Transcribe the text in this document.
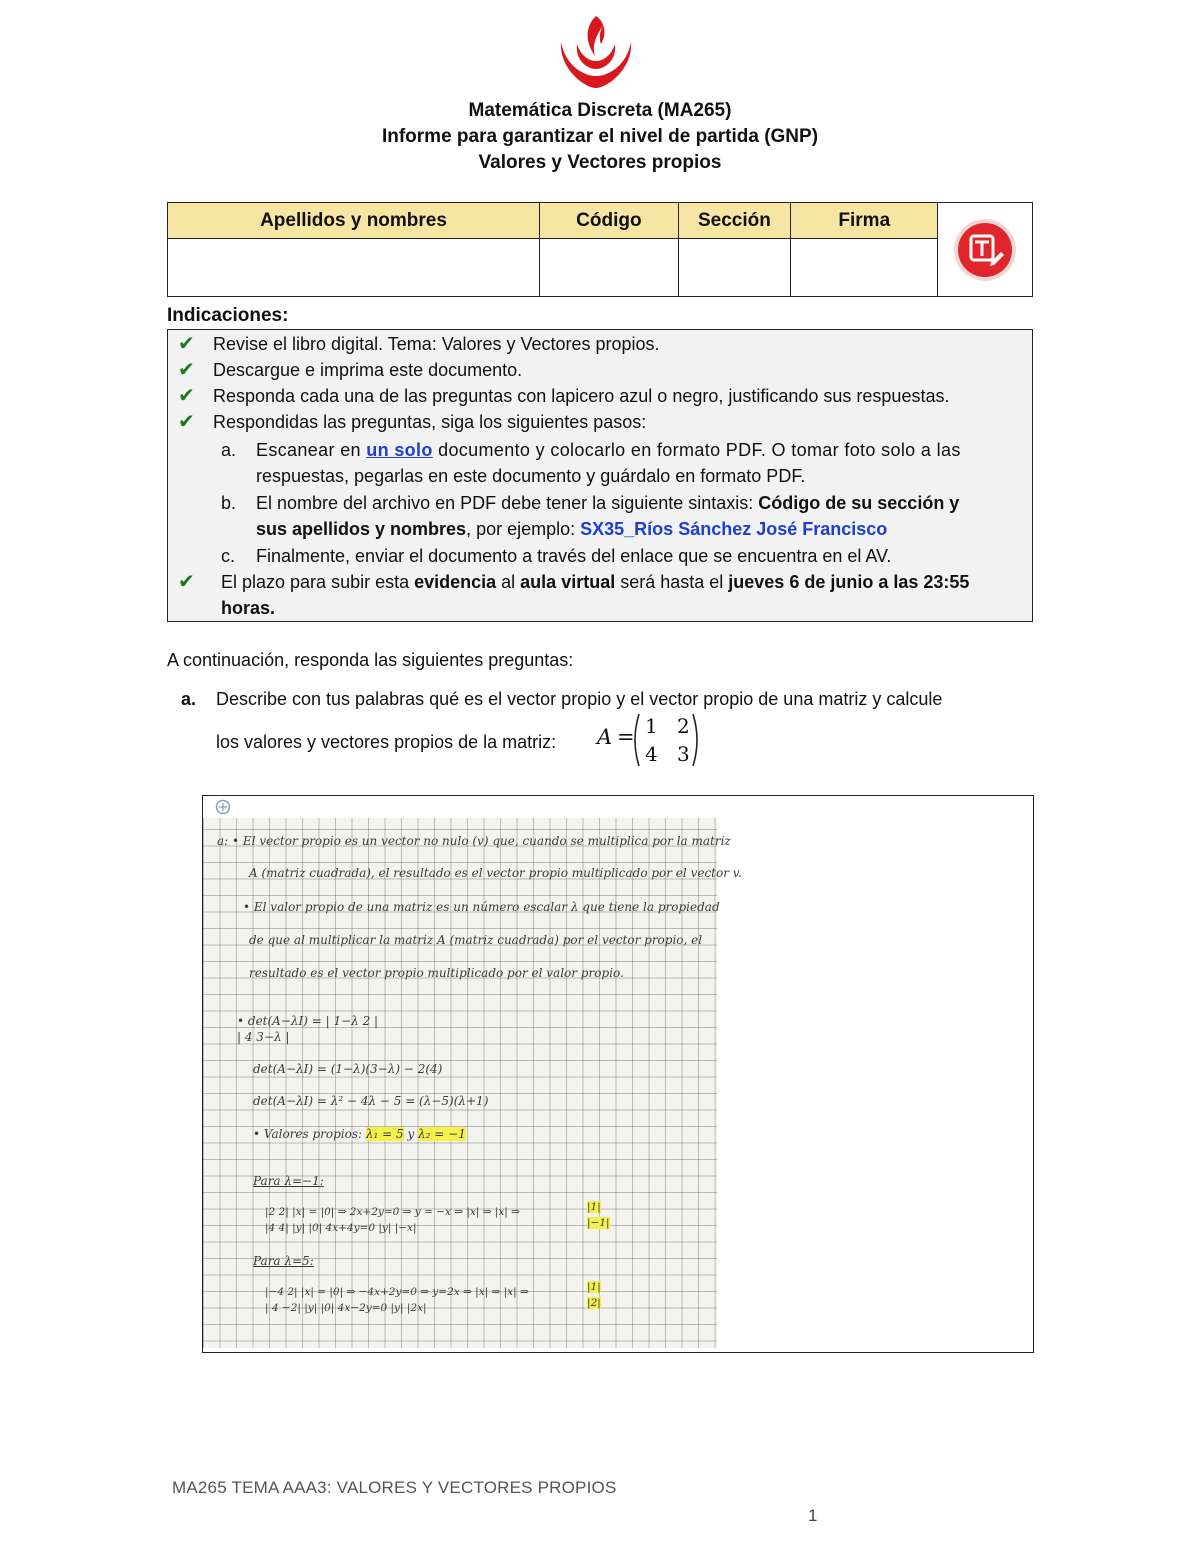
Matemática Discreta (MA265)
Informe para garantizar el nivel de partida (GNP)
Valores y Vectores propios
Apellidos y nombres	Código	Sección	Firma	

Indicaciones:
✔ Revise el libro digital. Tema: Valores y Vectores propios.
✔ Descargue e imprima este documento.
✔ Responda cada una de las preguntas con lapicero azul o negro, justificando sus respuestas.
✔ Respondidas las preguntas, siga los siguientes pasos:
a. Escanear en un solo documento y colocarlo en formato PDF. O tomar foto solo a las
respuestas, pegarlas en este documento y guárdalo en formato PDF.
b. El nombre del archivo en PDF debe tener la siguiente sintaxis: Código de su sección y
sus apellidos y nombres, por ejemplo: SX35_Ríos Sánchez José Francisco
c. Finalmente, enviar el documento a través del enlace que se encuentra en el AV.
✔ El plazo para subir esta evidencia al aula virtual será hasta el jueves 6 de junio a las 23:55
horas.
A continuación, responda las siguientes preguntas:
a. Describe con tus palabras qué es el vector propio y el vector propio de una matriz y calcule
los valores y vectores propios de la matriz: A = 1 2
4 3
a: • El vector propio es un vector no nulo (v) que, cuando se multiplica por la matriz
A (matriz cuadrada), el resultado es el vector propio multiplicado por el vector v.
• El valor propio de una matriz es un número escalar λ que tiene la propiedad
de que al multiplicar la matriz A (matriz cuadrada) por el vector propio, el
resultado es el vector propio multiplicado por el valor propio.
• det(A−λI) = | 1−λ 2 |
| 4 3−λ |
det(A−λI) = (1−λ)(3−λ) − 2(4)
det(A−λI) = λ² − 4λ − 5 = (λ−5)(λ+1)
• Valores propios: λ₁ = 5 y λ₂ = −1
Para λ=−1:
|2 2| |x| = |0| ⇒ 2x+2y=0 ⇒ y = −x ⇒ |x| ⇒ |x| ⇒
|4 4| |y| |0| 4x+4y=0 |y| |−x|
|1|
|−1|
Para λ=5:
|−4 2| |x| = |0| ⇒ −4x+2y=0 ⇒ y=2x ⇒ |x| ⇒ |x| ⇒
| 4 −2| |y| |0| 4x−2y=0 |y| |2x|
|1|
|2|
MA265 TEMA AAA3: VALORES Y VECTORES PROPIOS
1
